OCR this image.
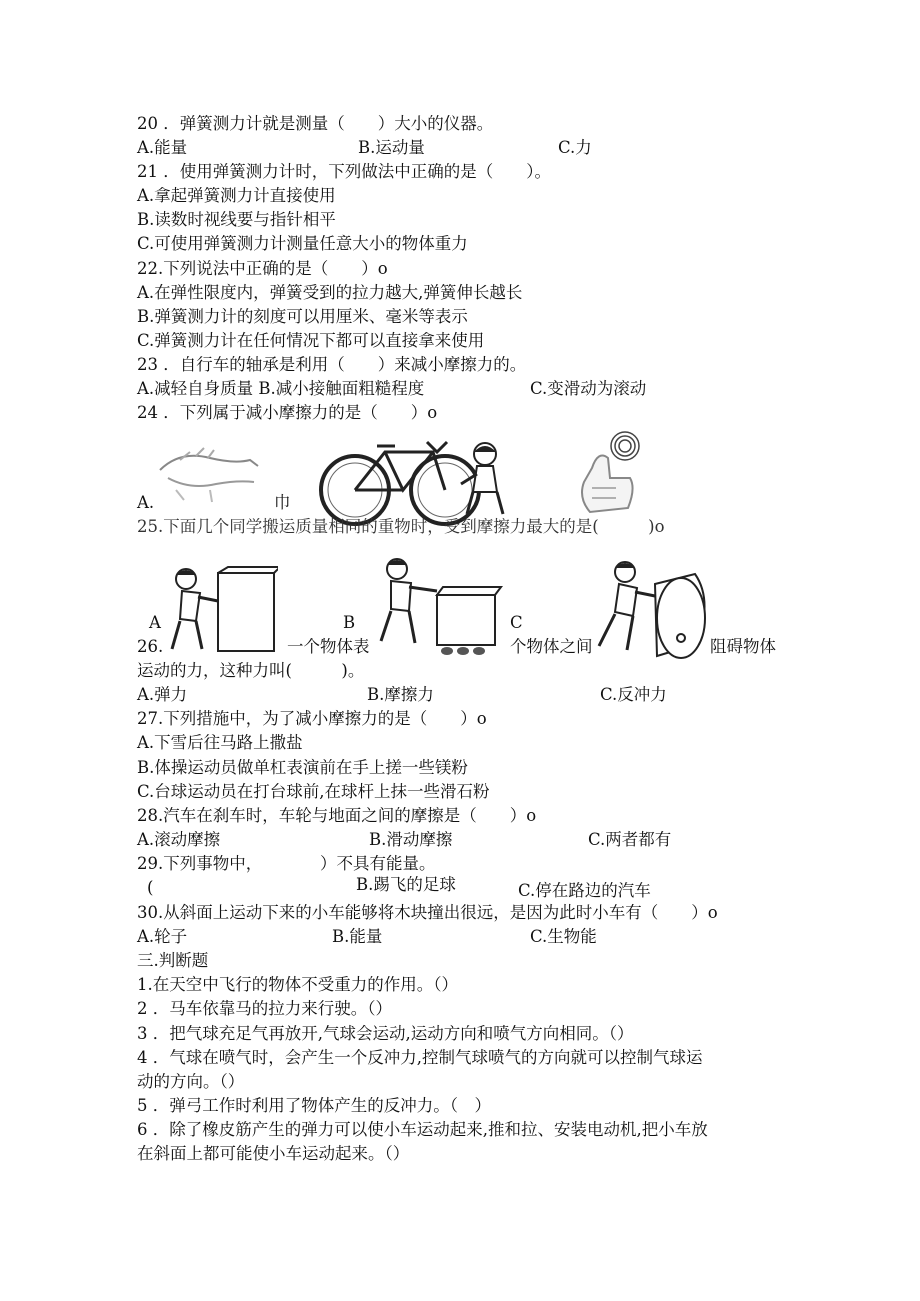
20 ．弹簧测力计就是测量（　　）大小的仪器。
A.能量	B.运动量	C.力
21 ．使用弹簧测力计时，下列做法中正确的是（　　）。
A.拿起弹簧测力计直接使用
B.读数时视线要与指针相平
C.可使用弹簧测力计测量任意大小的物体重力
22.下列说法中正确的是（　　）o
A.在弹性限度内，弹簧受到的拉力越大,弹簧伸长越长
B.弹簧测力计的刻度可以用厘米、毫米等表示
C.弹簧测力计在任何情况下都可以直接拿来使用
23 ．自行车的轴承是利用（　　）来减小摩擦力的。
A.减轻自身质量 B.减小接触面粗糙程度	C.变滑动为滚动
24 ．下列属于减小摩擦力的是（　　）o
A.	巾
25.下面几个同学搬运质量相同的重物时，受到摩擦力最大的是(　　　)o
A	B	C
26.	一个物体表	个物体之间	阻碍物体
运动的力，这种力叫(　　　)。
A.弹力	B.摩擦力	C.反冲力
27.下列措施中，为了减小摩擦力的是（　　）o
A.下雪后往马路上撒盐
B.体操运动员做单杠表演前在手上搓一些镁粉
C.台球运动员在打台球前,在球杆上抹一些滑石粉
28.汽车在刹车时，车轮与地面之间的摩擦是（　　）o
A.滚动摩擦	B.滑动摩擦	C.两者都有
29.下列事物中，　　　　）不具有能量。
(	B.踢飞的足球	C.停在路边的汽车
30.从斜面上运动下来的小车能够将木块撞出很远，是因为此时小车有（　　）o
A.轮子	B.能量	C.生物能
三.判断题
1.在天空中飞行的物体不受重力的作用。（）
2 ．马车依靠马的拉力来行驶。（）
3 ．把气球充足气再放开,气球会运动,运动方向和喷气方向相同。（）
4 ．气球在喷气时，会产生一个反冲力,控制气球喷气的方向就可以控制气球运
动的方向。（）
5 ．弹弓工作时利用了物体产生的反冲力。（　）
6 ．除了橡皮筋产生的弹力可以使小车运动起来,推和拉、安装电动机,把小车放
在斜面上都可能使小车运动起来。（）
